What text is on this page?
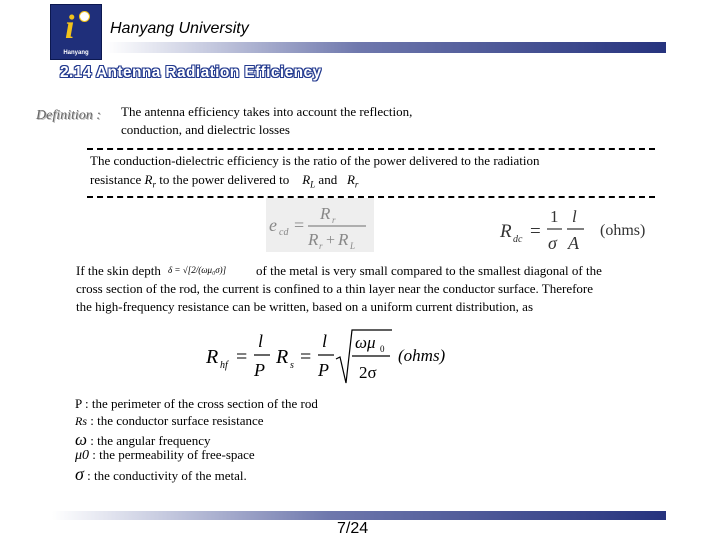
i
Hanyang
Hanyang University
2.14 Antenna Radiation Efficiency
Definition : The antenna efficiency takes into account the reflection,
conduction, and dielectric losses
The conduction-dielectric efficiency is the ratio of the power delivered to the radiation
resistance $R_r$ to the power delivered to $R_L$ and $R_r$
e cd =
R r
R r + R L
R dc =
1
σ
l
A
(ohms)
If the skin depth δ = √[2/(ωμ₀σ)]	of the metal is very small compared to the smallest diagonal of the
cross section of the rod, the current is confined to a thin layer near the conductor surface. Therefore
the high-frequency resistance can be written, based on a uniform current distribution, as
R hf =
l
P
R s =
l
P
ωμ 0
2σ
(ohms)
P : the perimeter of the cross section of the rod
Rs : the conductor surface resistance
ω : the angular frequency
μ0 : the permeability of free-space
σ : the conductivity of the metal.
7/24
